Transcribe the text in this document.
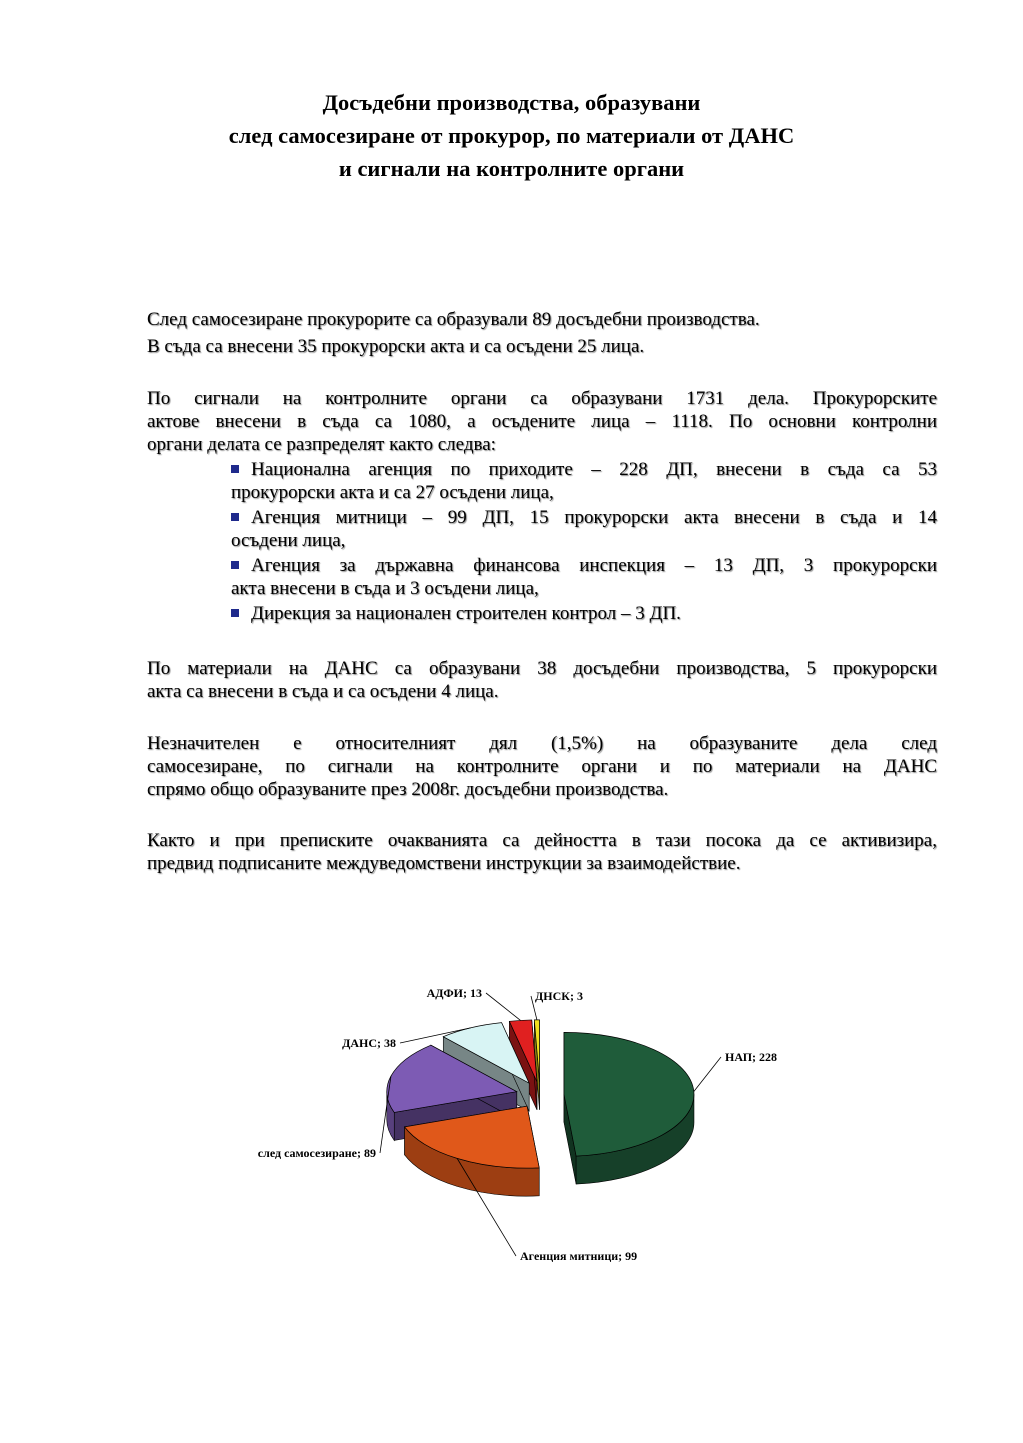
Досъдебни производства, образувани
след самосезиране от прокурор, по материали от ДАНС
и сигнали на контролните органи

След самосезиране прокурорите са образували 89 досъдебни производства.

В съда са внесени 35 прокурорски акта и са осъдени 25 лица.

По сигнали на контролните органи са образувани 1731 дела. Прокурорските
актове внесени в съда са 1080, а осъдените лица – 1118. По основни контролни
органи делата се разпределят както следва:
Национална агенция по приходите – 228 ДП, внесени в съда са 53
прокурорски акта и са 27 осъдени лица,
Агенция митници – 99 ДП, 15 прокурорски акта внесени в съда и 14
осъдени лица,
Агенция за държавна финансова инспекция – 13 ДП, 3 прокурорски
акта внесени в съда и 3 осъдени лица,
Дирекция за национален строителен контрол – 3 ДП.
По материали на ДАНС са образувани 38 досъдебни производства, 5 прокурорски
акта са внесени в съда и са осъдени 4 лица.
Незначителен е относителният дял (1,5%) на образуваните дела след
самосезиране, по сигнали на контролните органи и по материали на ДАНС
спрямо общо образуваните през 2008г. досъдебни производства.
Както и при преписките очакванията са дейността в тази посока да се активизира,
предвид подписаните междуведомствени инструкции за взаимодействие.
НАП; 228
Агенция митници; 99
след самосезиране; 89
ДАНС; 38
АДФИ; 13	ДНСК; 3
